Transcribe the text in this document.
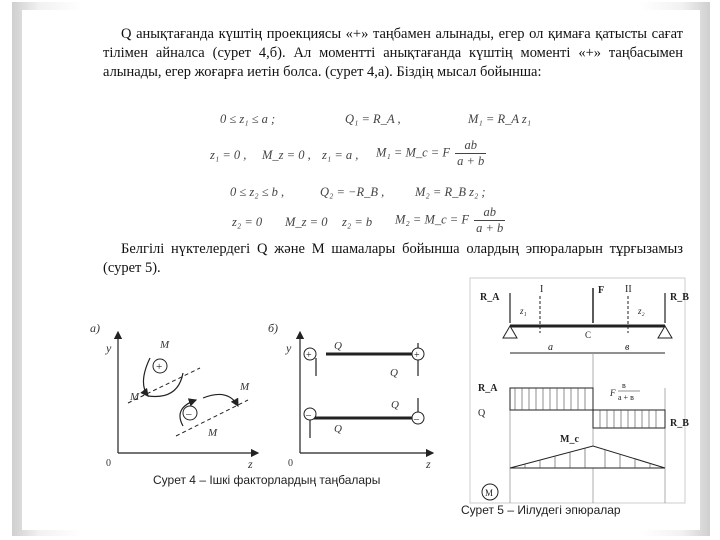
Q анықтағанда күштің проекциясы «+» таңбамен алынады, егер ол қимаға қатысты сағат тілімен айналса (сурет 4,б). Ал моменттi анықтағанда күштің моменті «+» таңбасымен алынады, егер жоғарға иетін болса. (сурет 4,а). Біздің мысал бойынша:
0 ≤ z₁ ≤ a ;	Q₁ = R_A ,	M₁ = R_A z₁
z₁ = 0 , M_z = 0 , z₁ = a , M₁ = M_c = F $\frac{ab}{a + b}$
0 ≤ z₂ ≤ b ,	Q₂ = −R_B , M₂ = R_B z₂ ;
z₂ = 0 M_z = 0 z₂ = b M₂ = M_c = F $\frac{ab}{a + b}$
Белгiлi нүктелердегi Q және М шамалары бойынша олардың эпюраларын тұрғызамыз (сурет 5).
а)
y
z
0
+
–
M
M
M
M
б)
y
z
0
+	+
Q
Q
–	–
Q
Q
Сурет 4 – Ішкі факторлардың таңбалары
R_A	R_B
F
I	II
z₁	z₂
C
a	в
R_A
R_B
Q
F
в
a + в
M_c
M
Сурет 5 – Иілудегі эпюралар
